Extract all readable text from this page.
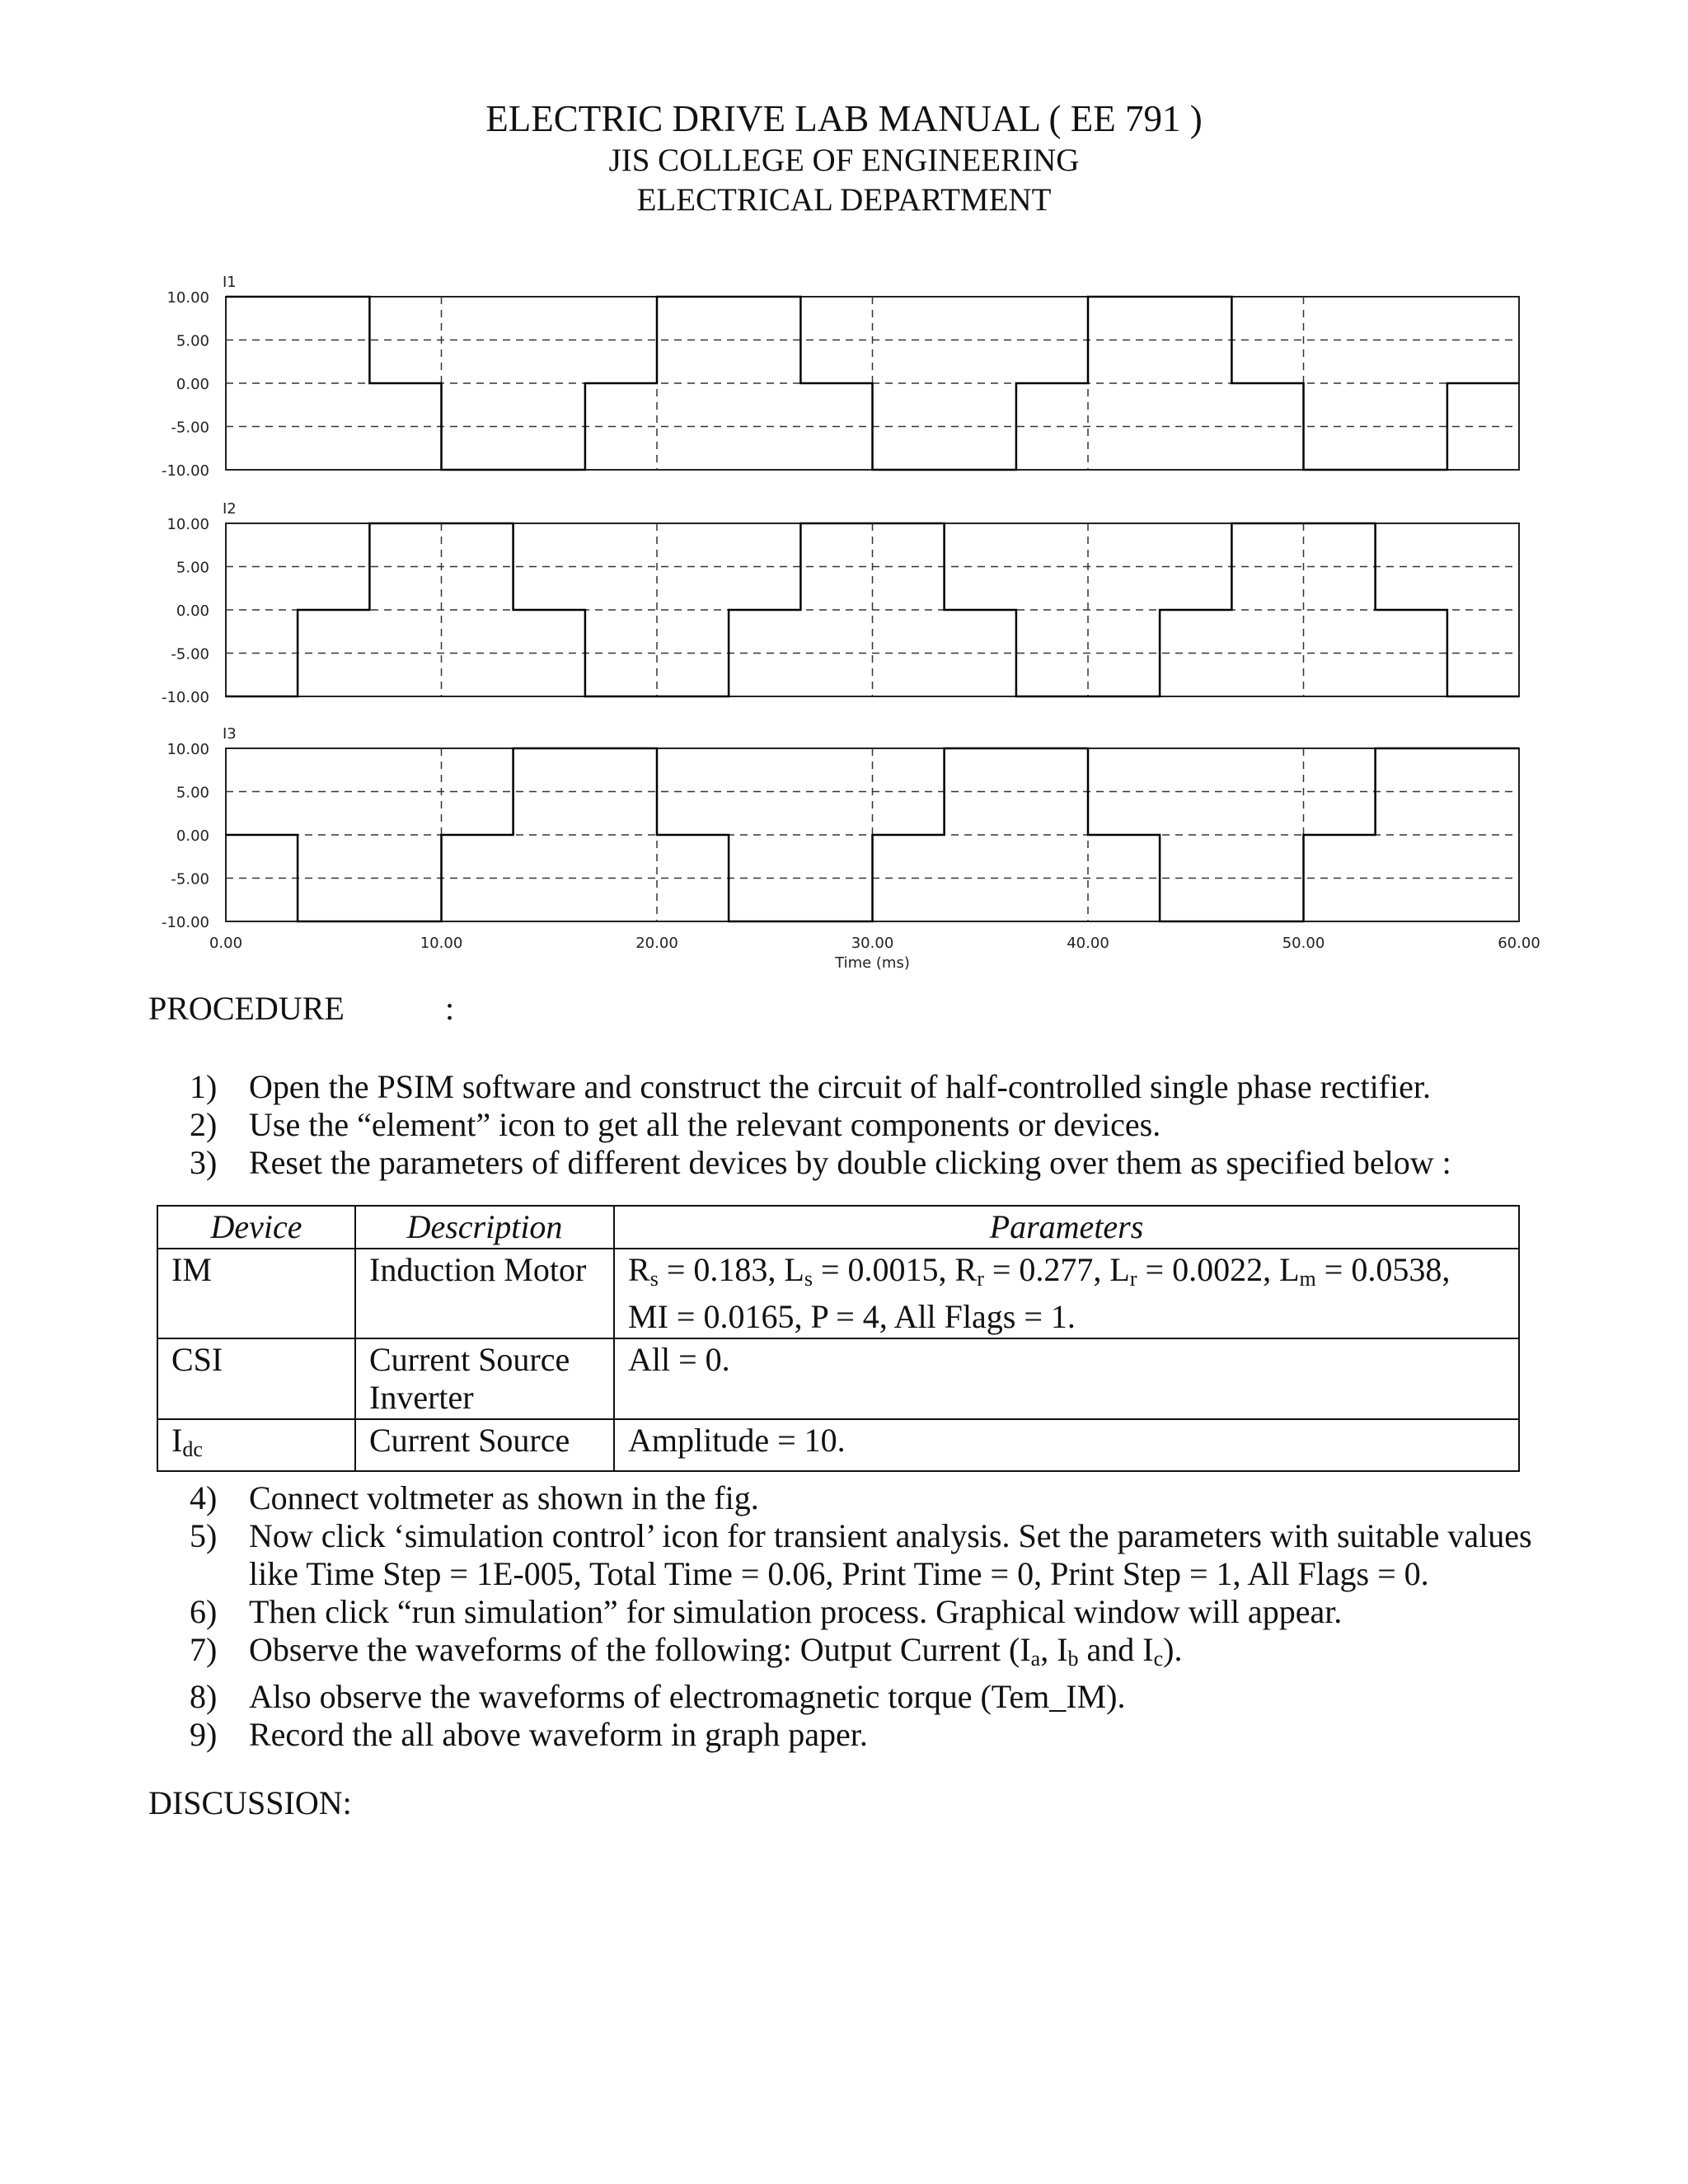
ELECTRIC DRIVE LAB MANUAL ( EE 791 )
JIS COLLEGE OF ENGINEERING
ELECTRICAL DEPARTMENT
10.00
5.00
0.00
-5.00
-10.00
I1
10.00
5.00
0.00
-5.00
-10.00
I2
10.00
5.00
0.00
-5.00
-10.00
I3
0.00	10.00	20.00	30.00	40.00	50.00	60.00
Time (ms)
PROCEDURE	:
1) Open the PSIM software and construct the circuit of half-controlled single phase rectifier.
2) Use the “element” icon to get all the relevant components or devices.
3) Reset the parameters of different devices by double clicking over them as specified below :
Device	Description	Parameters
IM	Induction Motor	$R_s = 0.183$, $L_s = 0.0015$, $R_r = 0.277$, $L_r = 0.0022$, $L_m = 0.0538$,
MI = 0.0165, P = 4, All Flags = 1.
CSI	Current Source Inverter	All = 0.
$I_{dc}$	Current Source	Amplitude = 10.
4) Connect voltmeter as shown in the fig.
5) Now click ‘simulation control’ icon for transient analysis. Set the parameters with suitable values like Time Step = 1E-005, Total Time = 0.06, Print Time = 0, Print Step = 1, All Flags = 0.
6) Then click “run simulation” for simulation process. Graphical window will appear.
7) Observe the waveforms of the following: Output Current ($I_a$, $I_b$ and $I_c$).
8) Also observe the waveforms of electromagnetic torque (Tem_IM).
9) Record the all above waveform in graph paper.
DISCUSSION:
